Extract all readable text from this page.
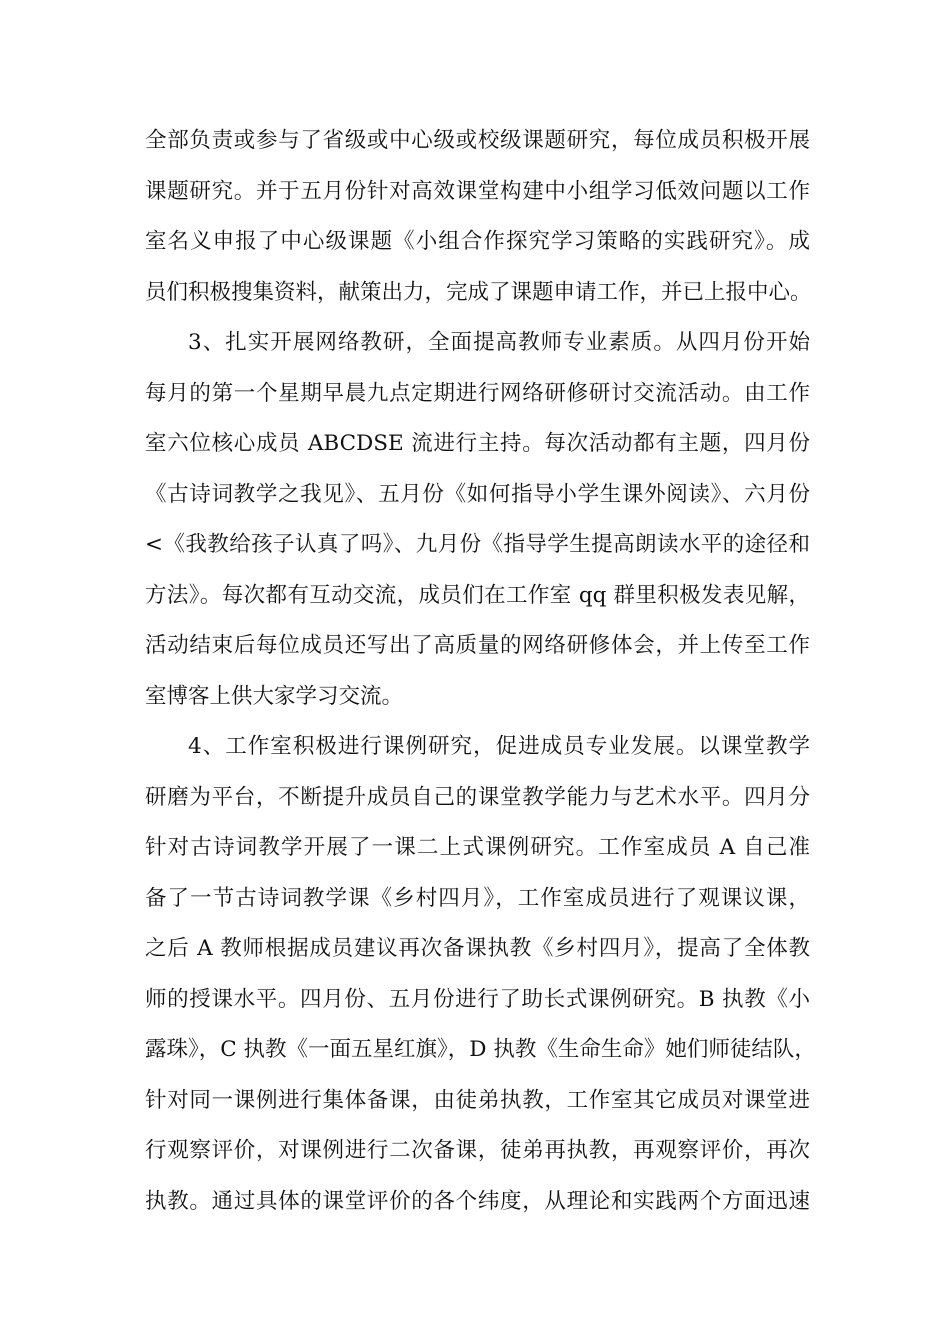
全部负责或参与了省级或中心级或校级课题研究，每位成员积极开展
课题研究。并于五月份针对高效课堂构建中小组学习低效问题以工作
室名义申报了中心级课题《小组合作探究学习策略的实践研究》。成
员们积极搜集资料，献策出力，完成了课题申请工作，并已上报中心。
3、扎实开展网络教研，全面提高教师专业素质。从四月份开始
每月的第一个星期早晨九点定期进行网络研修研讨交流活动。由工作
室六位核心成员 ABCDSE 流进行主持。每次活动都有主题，四月份
《古诗词教学之我见》、五月份《如何指导小学生课外阅读》、六月份
<《我教给孩子认真了吗》、九月份《指导学生提高朗读水平的途径和
方法》。每次都有互动交流，成员们在工作室 qq 群里积极发表见解，
活动结束后每位成员还写出了高质量的网络研修体会，并上传至工作
室博客上供大家学习交流。
4、工作室积极进行课例研究，促进成员专业发展。以课堂教学
研磨为平台，不断提升成员自己的课堂教学能力与艺术水平。四月分
针对古诗词教学开展了一课二上式课例研究。工作室成员 A 自己准
备了一节古诗词教学课《乡村四月》，工作室成员进行了观课议课，
之后 A 教师根据成员建议再次备课执教《乡村四月》，提高了全体教
师的授课水平。四月份、五月份进行了助长式课例研究。B 执教《小
露珠》，C 执教《一面五星红旗》，D 执教《生命生命》她们师徒结队，
针对同一课例进行集体备课，由徒弟执教，工作室其它成员对课堂进
行观察评价，对课例进行二次备课，徒弟再执教，再观察评价，再次
执教。通过具体的课堂评价的各个纬度，从理论和实践两个方面迅速
